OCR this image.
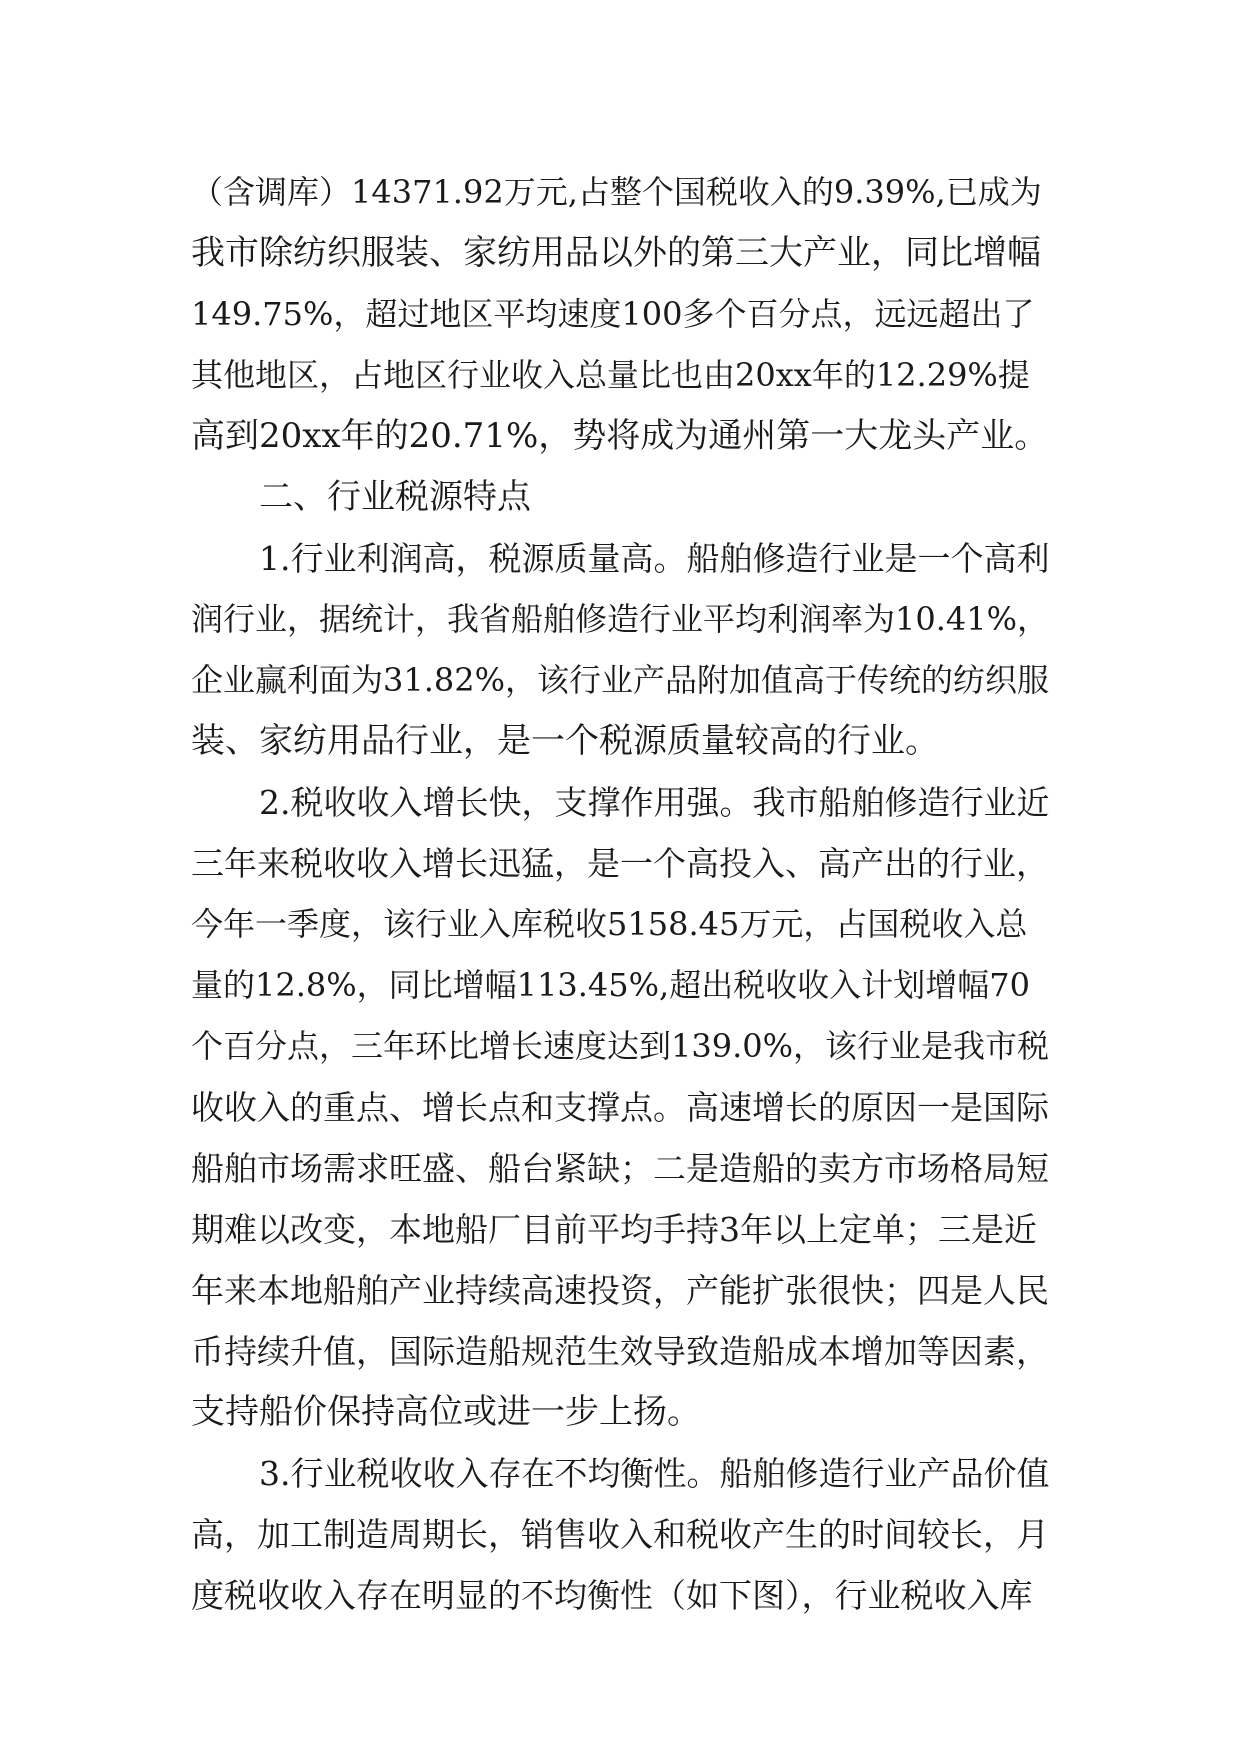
（含调库）14371.92万元,占整个国税收入的9.39%,已成为
我市除纺织服装、家纺用品以外的第三大产业，同比增幅
149.75%，超过地区平均速度100多个百分点，远远超出了
其他地区，占地区行业收入总量比也由20xx年的12.29%提
高到20xx年的20.71%，势将成为通州第一大龙头产业。
二、行业税源特点
1.行业利润高，税源质量高。船舶修造行业是一个高利
润行业，据统计，我省船舶修造行业平均利润率为10.41%，
企业赢利面为31.82%，该行业产品附加值高于传统的纺织服
装、家纺用品行业，是一个税源质量较高的行业。
2.税收收入增长快，支撑作用强。我市船舶修造行业近
三年来税收收入增长迅猛，是一个高投入、高产出的行业，
今年一季度，该行业入库税收5158.45万元，占国税收入总
量的12.8%，同比增幅113.45%,超出税收收入计划增幅70
个百分点，三年环比增长速度达到139.0%，该行业是我市税
收收入的重点、增长点和支撑点。高速增长的原因一是国际
船舶市场需求旺盛、船台紧缺；二是造船的卖方市场格局短
期难以改变，本地船厂目前平均手持3年以上定单；三是近
年来本地船舶产业持续高速投资，产能扩张很快；四是人民
币持续升值，国际造船规范生效导致造船成本增加等因素，
支持船价保持高位或进一步上扬。
3.行业税收收入存在不均衡性。船舶修造行业产品价值
高，加工制造周期长，销售收入和税收产生的时间较长，月
度税收收入存在明显的不均衡性（如下图），行业税收入库
